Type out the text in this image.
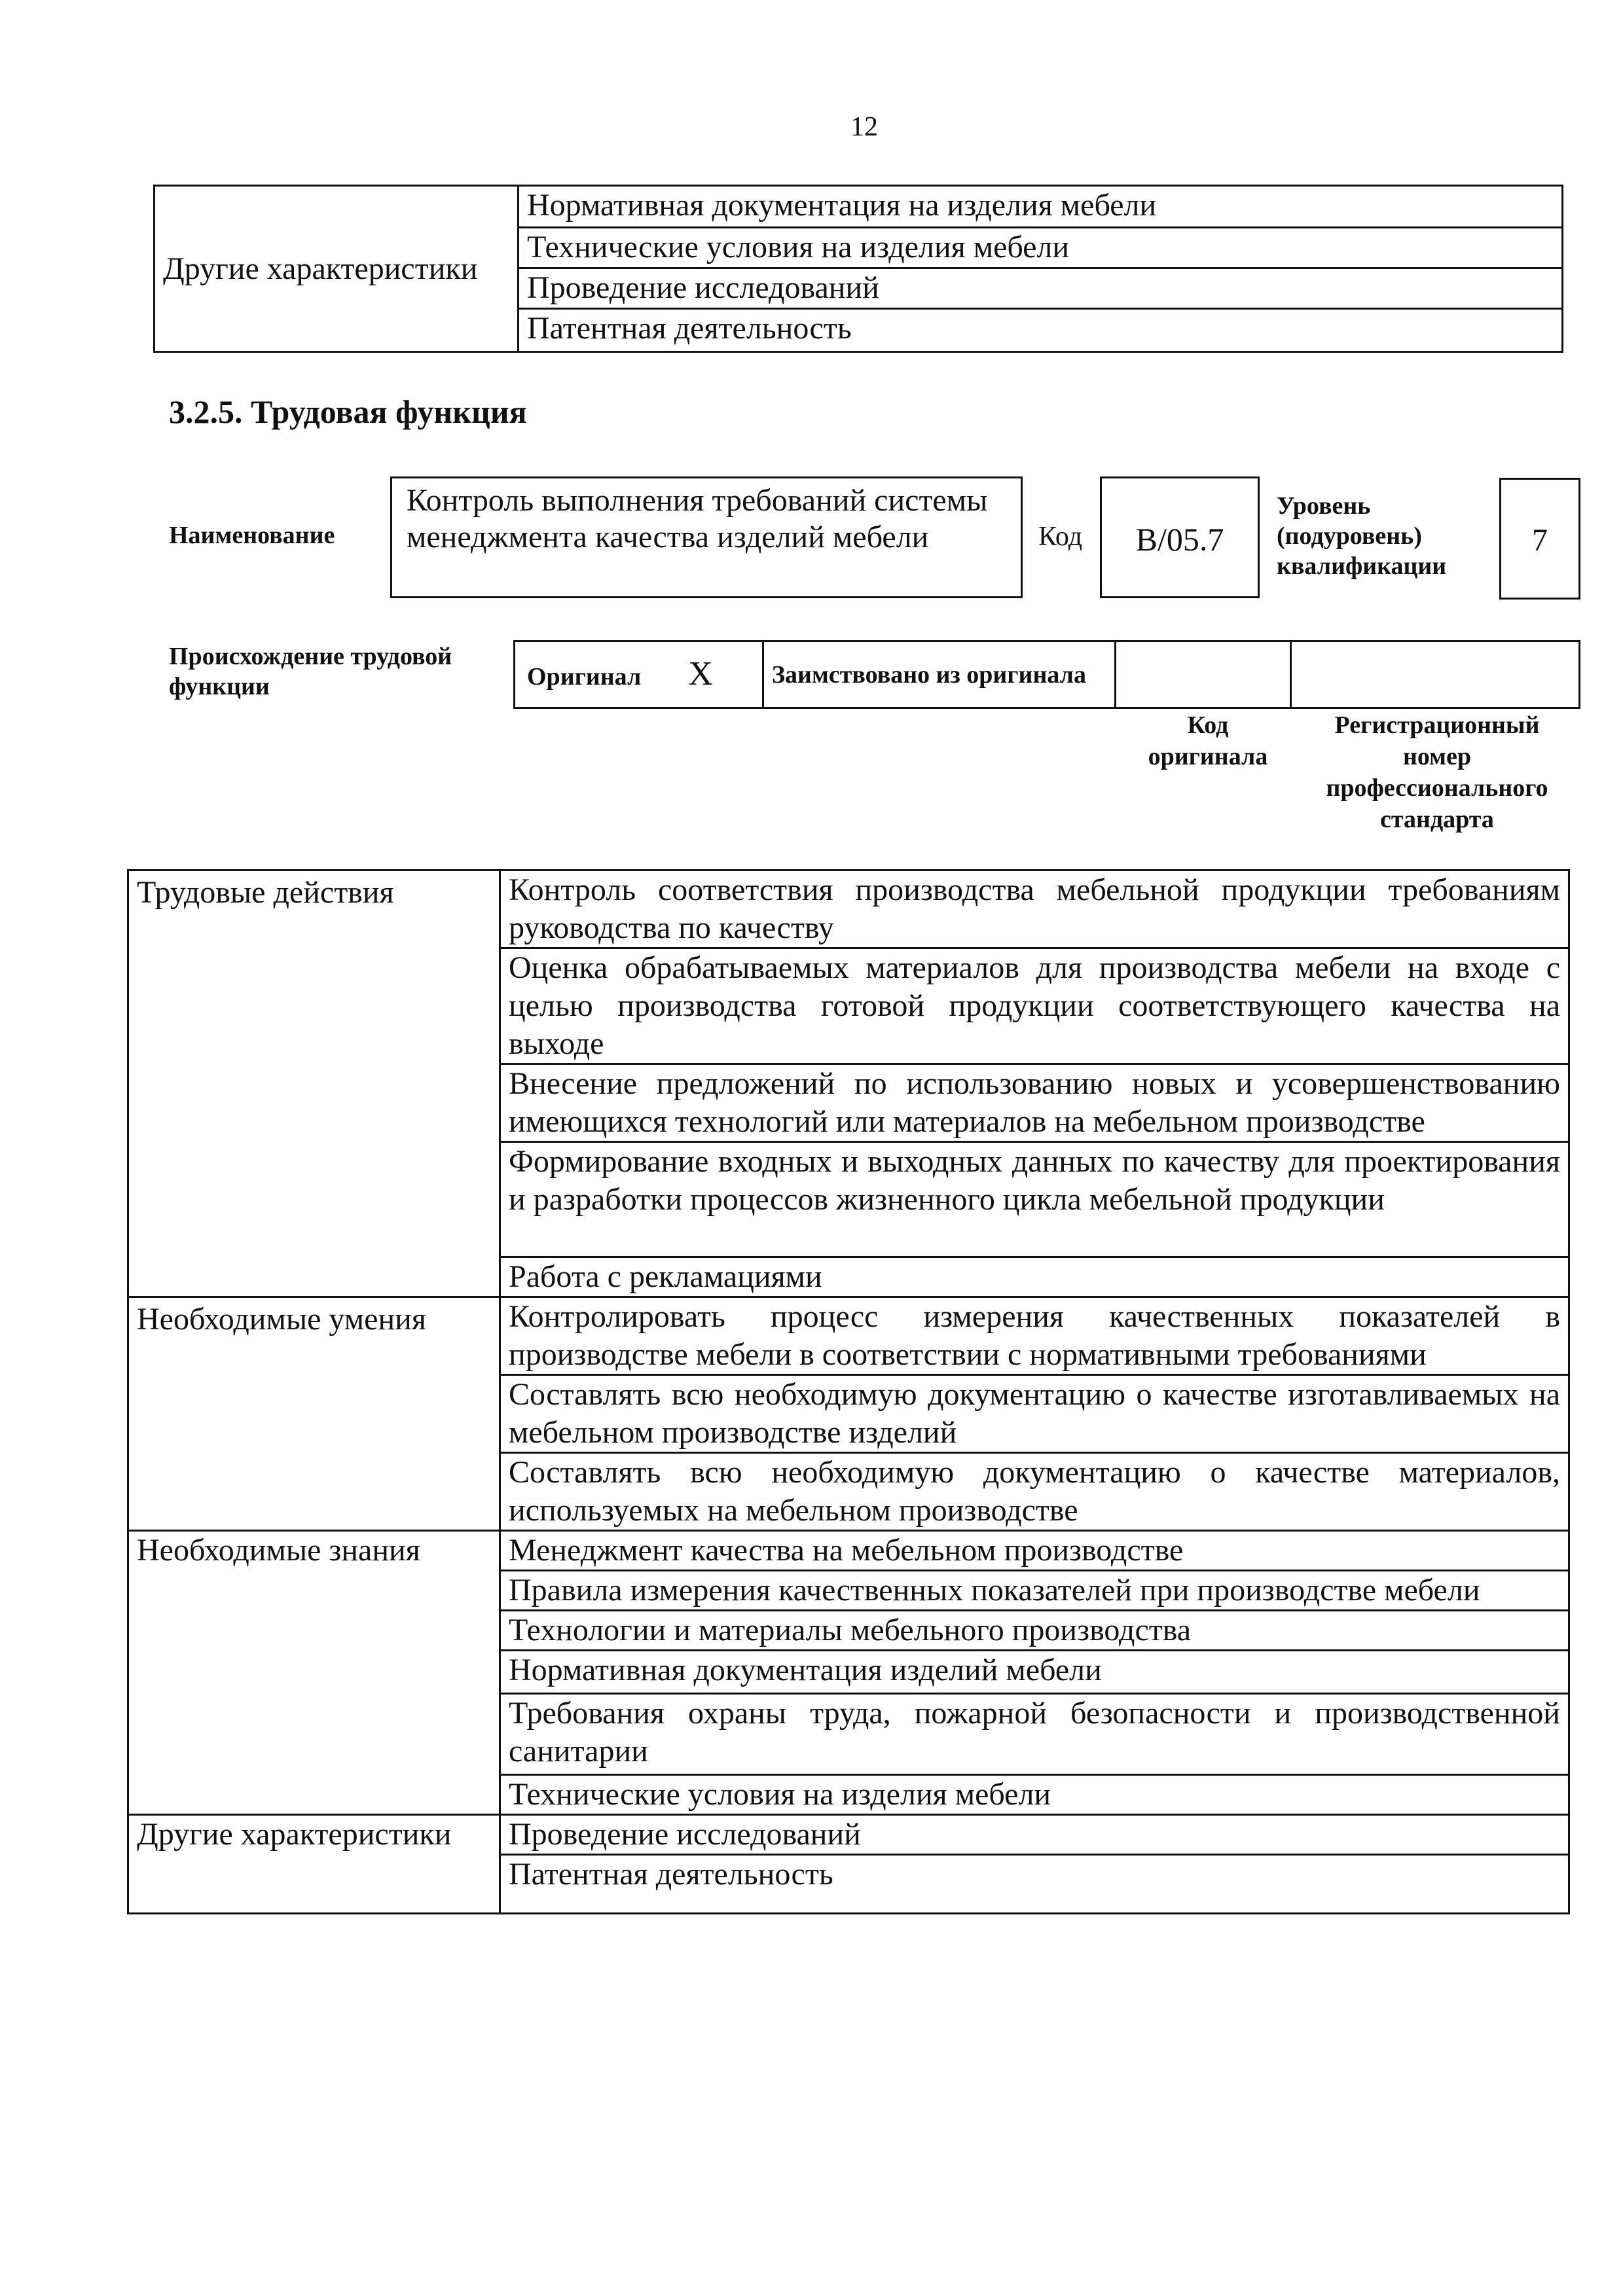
12
Другие характеристики	Нормативная документация на изделия мебели
Технические условия на изделия мебели
Проведение исследований
Патентная деятельность
3.2.5. Трудовая функция
Наименование
Контроль выполнения требований системы менеджмента качества изделий мебели	Код	B/05.7
Уровень (подуровень) квалификации
7
Происхождение трудовой функции	Оригинал X	Заимствовано из оригинала		
Код оригинала
Регистрационный номер профессионального стандарта
Трудовые действия	Контроль соответствия производства мебельной продукции требованиям руководства по качеству
	Оценка обрабатываемых материалов для производства мебели на входе с целью производства готовой продукции соответствующего качества на выходе
	Внесение предложений по использованию новых и усовершенствованию имеющихся технологий или материалов на мебельном производстве
	Формирование входных и выходных данных по качеству для проектирования и разработки процессов жизненного цикла мебельной продукции
	Работа с рекламациями
Необходимые умения	Контролировать процесс измерения качественных показателей в производстве мебели в соответствии с нормативными требованиями
	Составлять всю необходимую документацию о качестве изготавливаемых на мебельном производстве изделий
	Составлять всю необходимую документацию о качестве материалов, используемых на мебельном производстве
Необходимые знания	Менеджмент качества на мебельном производстве
	Правила измерения качественных показателей при производстве мебели
	Технологии и материалы мебельного производства
	Нормативная документация изделий мебели
	Требования охраны труда, пожарной безопасности и производственной санитарии
	Технические условия на изделия мебели
Другие характеристики	Проведение исследований
	Патентная деятельность
